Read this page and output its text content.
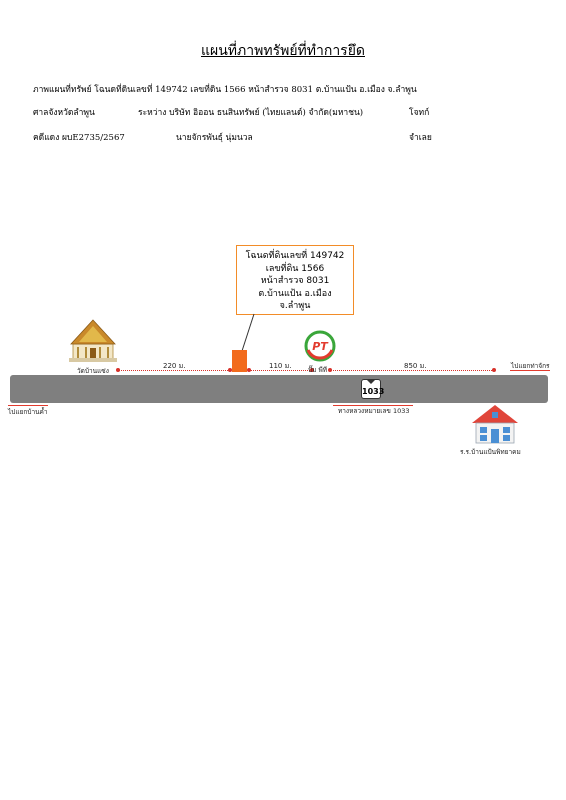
แผนที่ภาพทรัพย์ที่ทำการยึด
ภาพแผนที่ทรัพย์ โฉนดที่ดินเลขที่ 149742 เลขที่ดิน 1566 หน้าสำรวจ 8031 ต.บ้านแป้น อ.เมือง จ.ลำพูน
ศาลจังหวัดลำพูน	ระหว่าง บริษัท อิออน ธนสินทรัพย์ (ไทยแลนด์) จำกัด(มหาชน)	โจทก์
คดีแดง ผบE2735/2567	นายจักรพันธุ์ นุ่มนวล	จำเลย
โฉนดที่ดินเลขที่ 149742
เลขที่ดิน 1566
หน้าสำรวจ 8031
ต.บ้านแป้น อ.เมือง
จ.ลำพูน
วัดบ้านแซ่ง
220 ม.	110 ม.	850 ม.
PT
ปั๊ม พีที	ไปแยกท่าจักร
ไปแยกบ้านค้ำ
1033
ทางหลวงหมายเลข 1033
ร.ร.บ้านแป้นพิทยาคม
